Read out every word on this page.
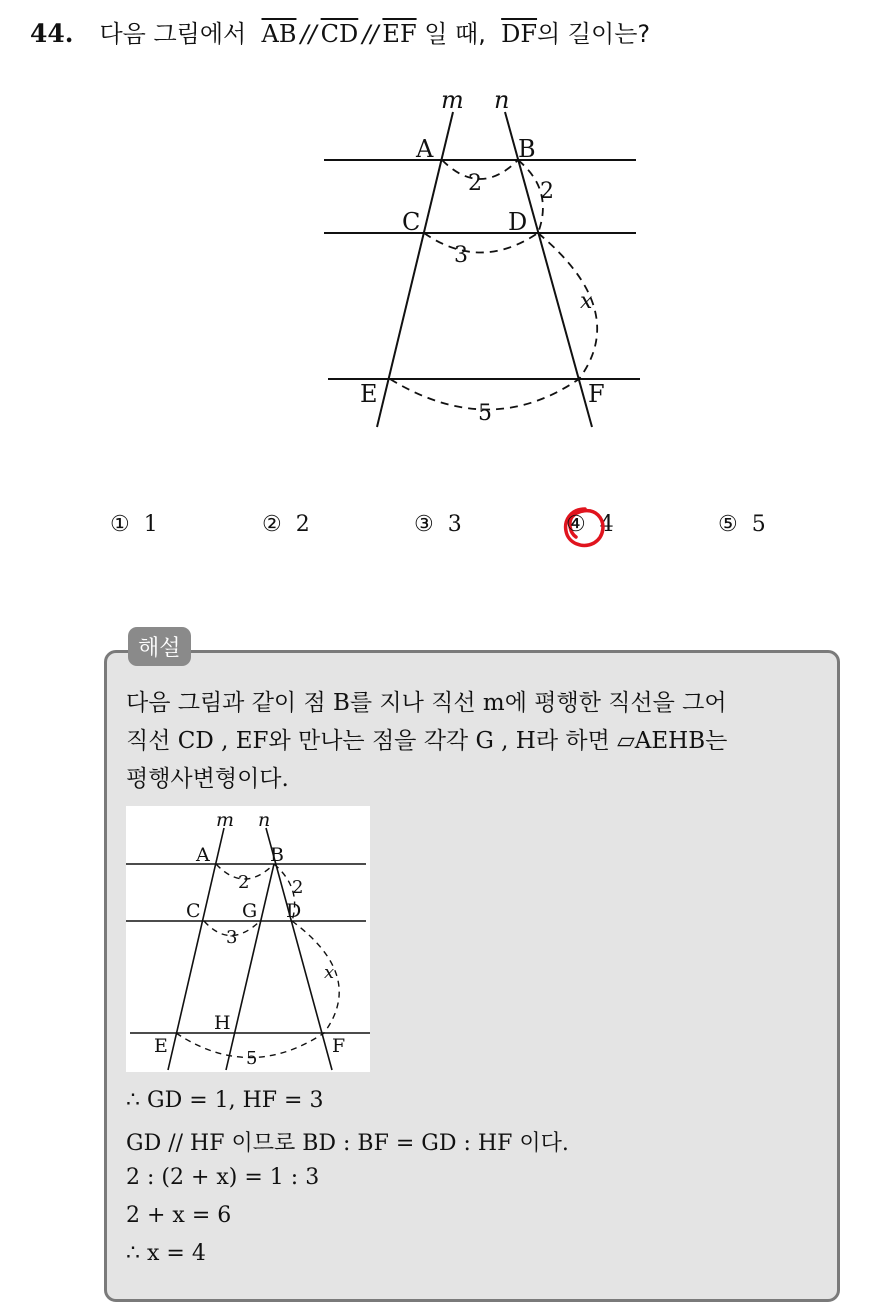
44. 다음 그림에서 $\overline{AB} // \overline{CD} // \overline{EF}$ 일 때, $\overline{DF}$의 길이는?
m n
A	B
C	D
E	F
2	2
3
x
5
① 1	② 2	③ 3	④ 4	⑤ 5
해설
다음 그림과 같이 점 B를 지나 직선 m에 평행한 직선을 그어
직선 CD , EF와 만나는 점을 각각 G , H라 하면 ▱AEHB는
평행사변형이다.
m n
A	B
C G D
H
E	F
2 2
3
x
5
∴ GD = 1, HF = 3
GD // HF 이므로 BD : BF = GD : HF 이다.
2 : (2 + x) = 1 : 3
2 + x = 6
∴ x = 4
